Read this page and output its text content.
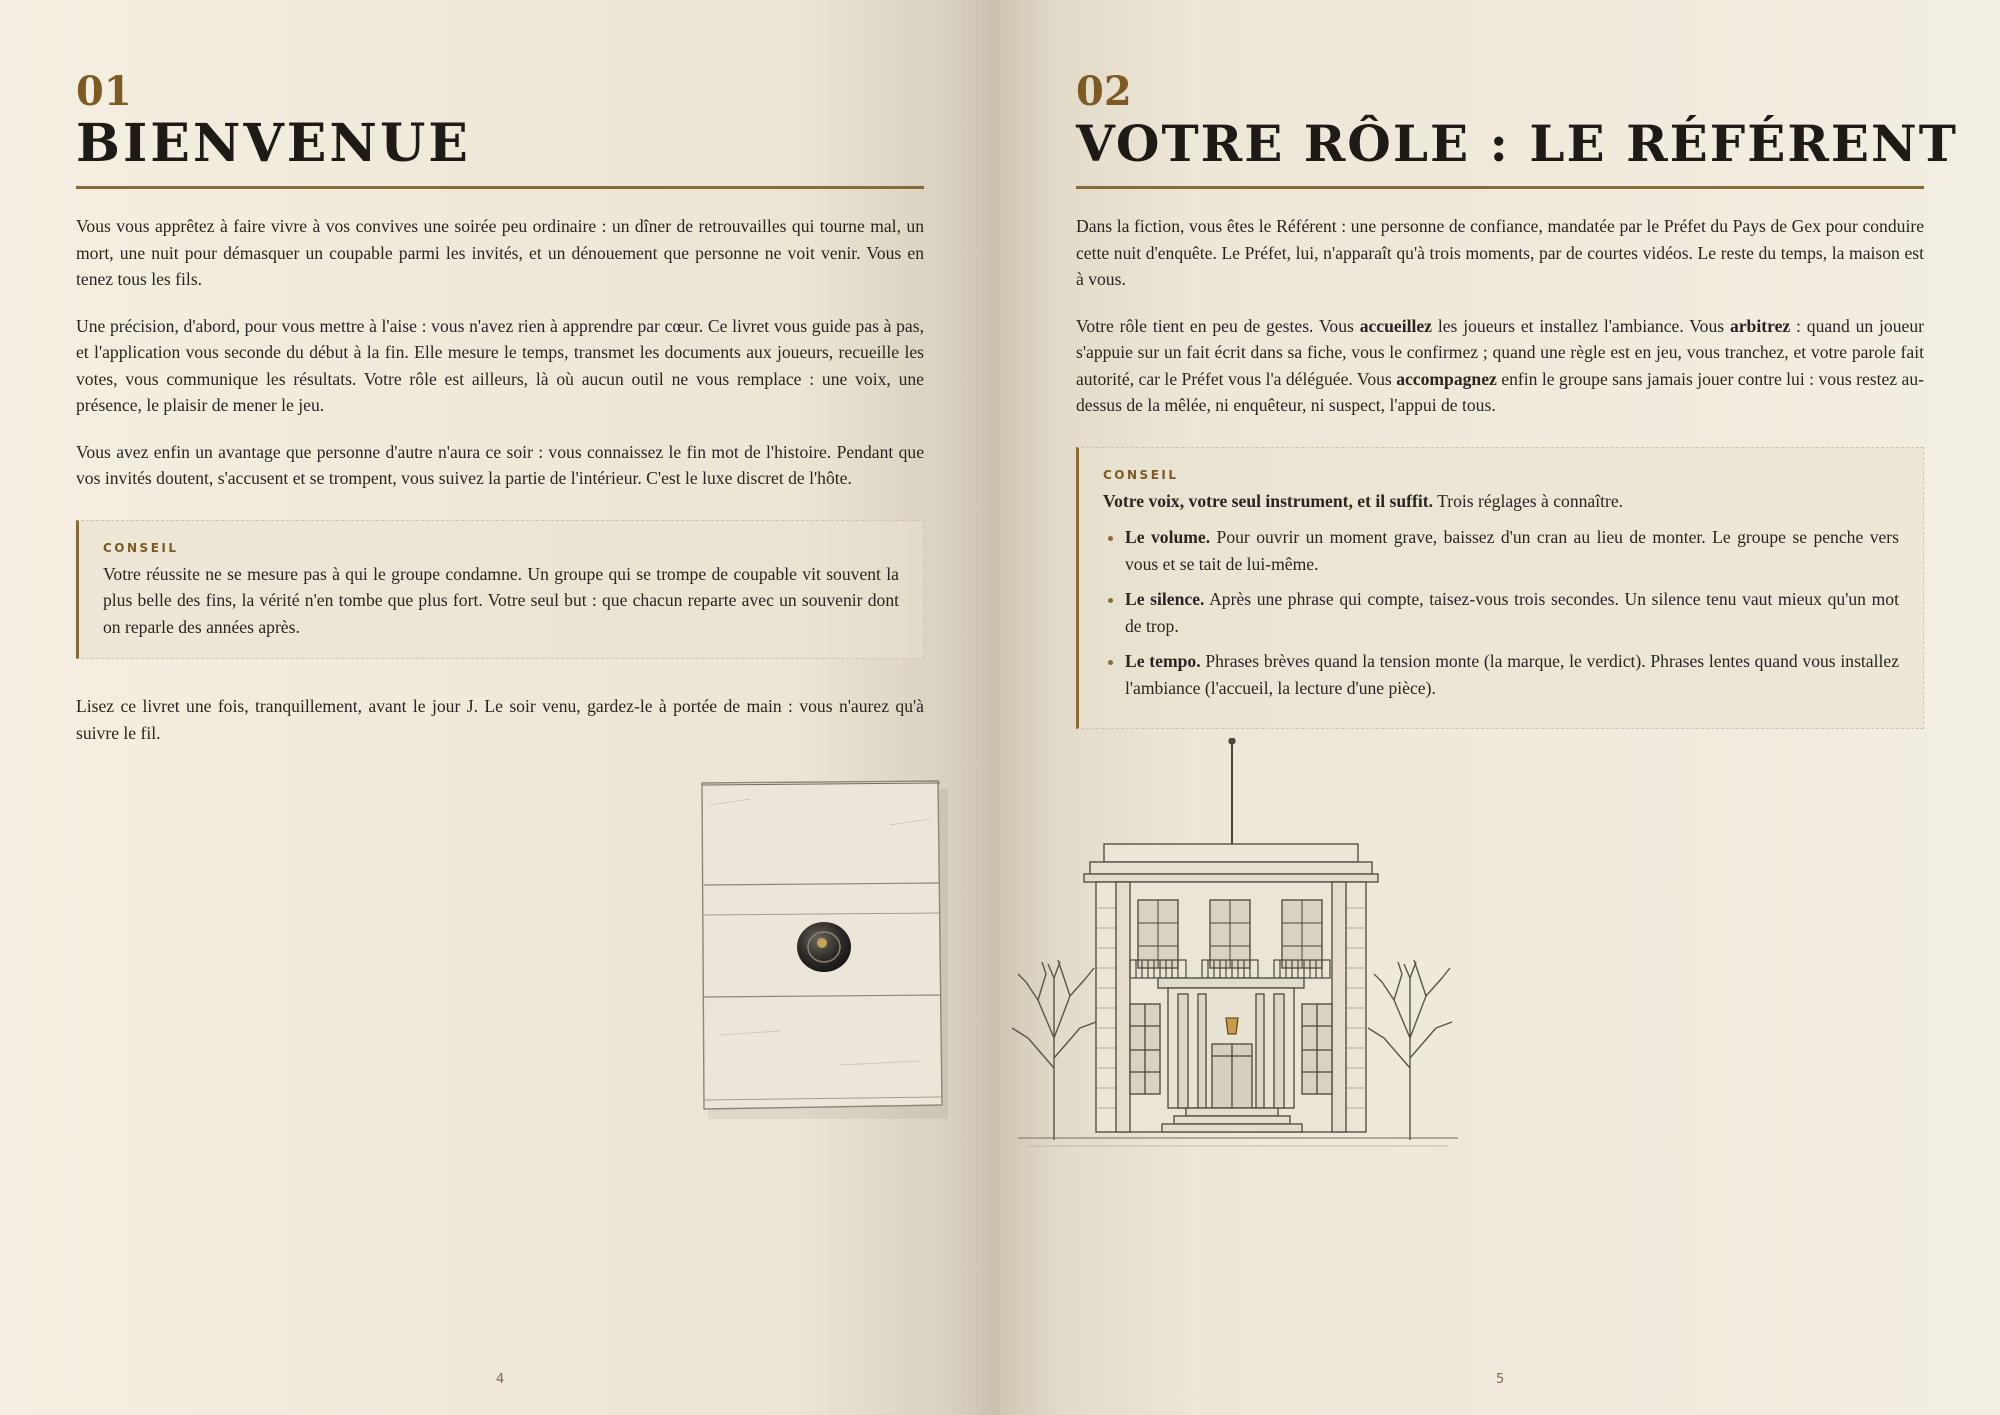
01
BIENVENUE

Vous vous apprêtez à faire vivre à vos convives une soirée peu ordinaire : un dîner de retrouvailles qui tourne mal, un mort, une nuit pour démasquer un coupable parmi les invités, et un dénouement que personne ne voit venir. Vous en tenez tous les fils.

Une précision, d'abord, pour vous mettre à l'aise : vous n'avez rien à apprendre par cœur. Ce livret vous guide pas à pas, et l'application vous seconde du début à la fin. Elle mesure le temps, transmet les documents aux joueurs, recueille les votes, vous communique les résultats. Votre rôle est ailleurs, là où aucun outil ne vous remplace : une voix, une présence, le plaisir de mener le jeu.

Vous avez enfin un avantage que personne d'autre n'aura ce soir : vous connaissez le fin mot de l'histoire. Pendant que vos invités doutent, s'accusent et se trompent, vous suivez la partie de l'intérieur. C'est le luxe discret de l'hôte.

CONSEIL

Votre réussite ne se mesure pas à qui le groupe condamne. Un groupe qui se trompe de coupable vit souvent la plus belle des fins, la vérité n'en tombe que plus fort. Votre seul but : que chacun reparte avec un souvenir dont on reparle des années après.

Lisez ce livret une fois, tranquillement, avant le jour J. Le soir venu, gardez-le à portée de main : vous n'aurez qu'à suivre le fil.

4
02
VOTRE RÔLE : LE RÉFÉRENT

Dans la fiction, vous êtes le Référent : une personne de confiance, mandatée par le Préfet du Pays de Gex pour conduire cette nuit d'enquête. Le Préfet, lui, n'apparaît qu'à trois moments, par de courtes vidéos. Le reste du temps, la maison est à vous.

Votre rôle tient en peu de gestes. Vous accueillez les joueurs et installez l'ambiance. Vous arbitrez : quand un joueur s'appuie sur un fait écrit dans sa fiche, vous le confirmez ; quand une règle est en jeu, vous tranchez, et votre parole fait autorité, car le Préfet vous l'a déléguée. Vous accompagnez enfin le groupe sans jamais jouer contre lui : vous restez au-dessus de la mêlée, ni enquêteur, ni suspect, l'appui de tous.

CONSEIL

Votre voix, votre seul instrument, et il suffit. Trois réglages à connaître.

• Le volume. Pour ouvrir un moment grave, baissez d'un cran au lieu de monter. Le groupe se penche vers vous et se tait de lui-même.
• Le silence. Après une phrase qui compte, taisez-vous trois secondes. Un silence tenu vaut mieux qu'un mot de trop.
• Le tempo. Phrases brèves quand la tension monte (la marque, le verdict). Phrases lentes quand vous installez l'ambiance (l'accueil, la lecture d'une pièce).
5
